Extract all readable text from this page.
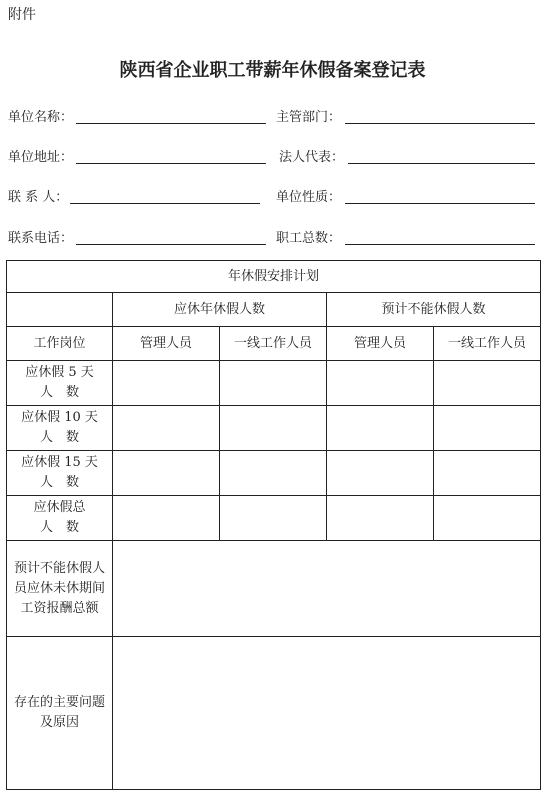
附件
陕西省企业职工带薪年休假备案登记表
单位名称：	主管部门：
单位地址：	法人代表：
联 系 人：	单位性质：
联系电话：	职工总数：
年休假安排计划				
	应休年休假人数		预计不能休假人数	
工作岗位	管理人员	一线工作人员	管理人员	一线工作人员

应休假 5 天
人　数				

应休假 10 天
人　数				

应休假 15 天
人　数				

应休假总
人　数				

预计不能休假人
员应休未休期间
工资报酬总额				

存在的主要问题
及原因				
